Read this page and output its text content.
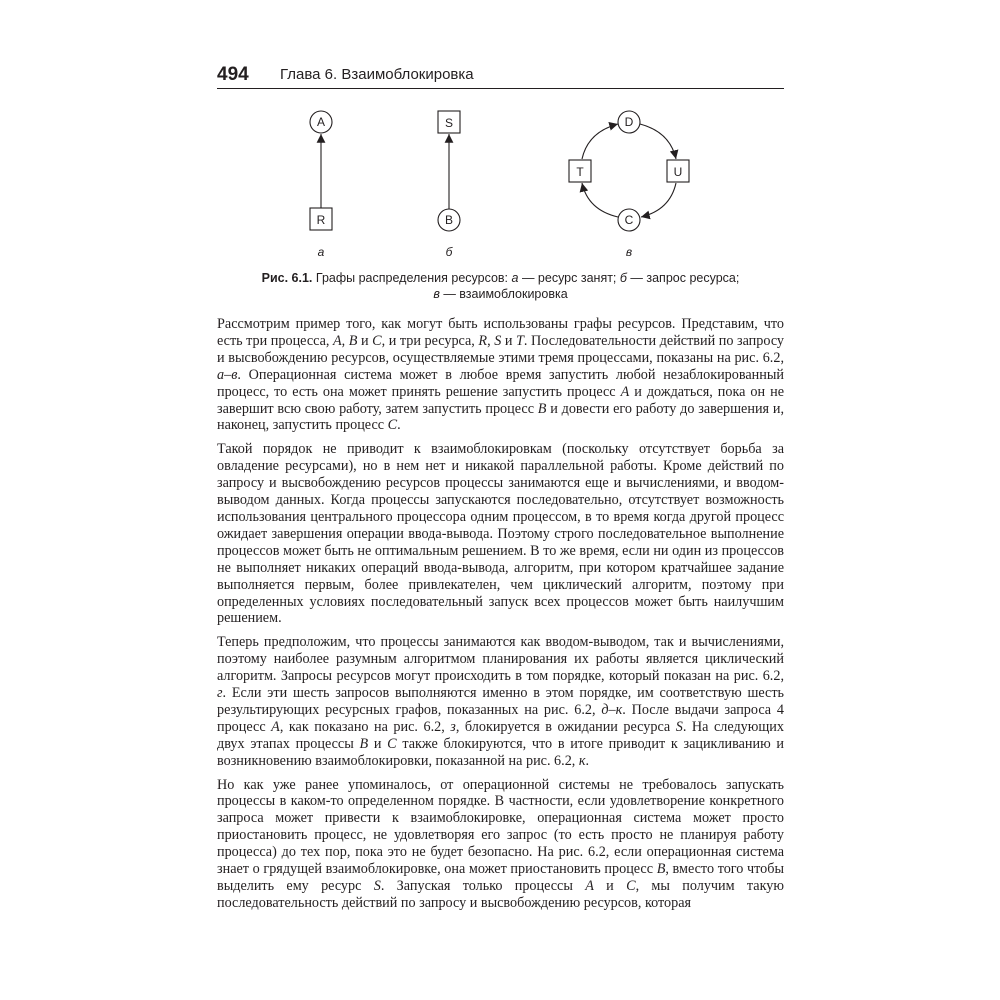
494 Глава 6. Взаимоблокировка
A
R
S
B
D
U
C
T
а	б	в
Рис. 6.1. Графы распределения ресурсов: а — ресурс занят; б — запрос ресурса;
в — взаимоблокировка

Рассмотрим пример того, как могут быть использованы графы ресурсов. Представим, что есть три процесса, A, B и C, и три ресурса, R, S и T. Последовательности действий по запросу и высвобождению ресурсов, осуществляемые этими тремя процессами, показаны на рис. 6.2, а–в. Операционная система может в любое время запустить любой незаблокированный процесс, то есть она может принять решение запустить процесс A и дождаться, пока он не завершит всю свою работу, затем запустить процесс B и довести его работу до завершения и, наконец, запустить процесс C.

Такой порядок не приводит к взаимоблокировкам (поскольку отсутствует борьба за овладение ресурсами), но в нем нет и никакой параллельной работы. Кроме действий по запросу и высвобождению ресурсов процессы занимаются еще и вычислениями, и вводом-выводом данных. Когда процессы запускаются последовательно, отсутствует возможность использования центрального процессора одним процессом, в то время когда другой процесс ожидает завершения операции ввода-вывода. Поэтому строго последовательное выполнение процессов может быть не оптимальным решением. В то же время, если ни один из процессов не выполняет никаких операций ввода-вывода, алгоритм, при котором кратчайшее задание выполняется первым, более привлекателен, чем циклический алгоритм, поэтому при определенных условиях последовательный запуск всех процессов может быть наилучшим решением.

Теперь предположим, что процессы занимаются как вводом-выводом, так и вычислениями, поэтому наиболее разумным алгоритмом планирования их работы является циклический алгоритм. Запросы ресурсов могут происходить в том порядке, который показан на рис. 6.2, г. Если эти шесть запросов выполняются именно в этом порядке, им соответствую шесть результирующих ресурсных графов, показанных на рис. 6.2, д–к. После выдачи запроса 4 процесс A, как показано на рис. 6.2, з, блокируется в ожидании ресурса S. На следующих двух этапах процессы B и C также блокируются, что в итоге приводит к зацикливанию и возникновению взаимоблокировки, показанной на рис. 6.2, к.

Но как уже ранее упоминалось, от операционной системы не требовалось запускать процессы в каком-то определенном порядке. В частности, если удовлетворение конкретного запроса может привести к взаимоблокировке, операционная система может просто приостановить процесс, не удовлетворяя его запрос (то есть просто не планируя работу процесса) до тех пор, пока это не будет безопасно. На рис. 6.2, если операционная система знает о грядущей взаимоблокировке, она может приостановить процесс B, вместо того чтобы выделить ему ресурс S. Запуская только процессы A и C, мы получим такую последовательность действий по запросу и высвобождению ресурсов, которая
